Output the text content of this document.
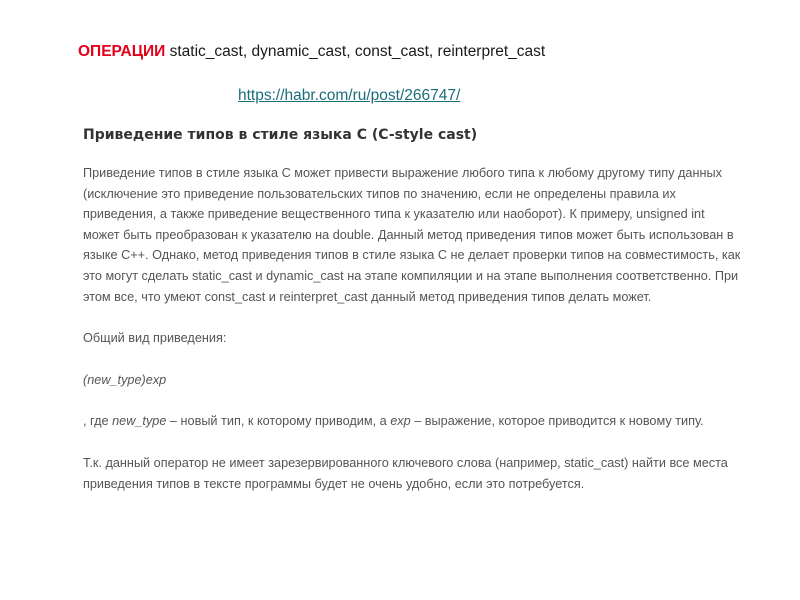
ОПЕРАЦИИ static_cast, dynamic_cast, const_cast, reinterpret_cast
https://habr.com/ru/post/266747/
Приведение типов в стиле языка C (C-style cast)

Приведение типов в стиле языка C может привести выражение любого типа к любому другому типу данных (исключение это приведение пользовательских типов по значению, если не определены правила их приведения, а также приведение вещественного типа к указателю или наоборот). К примеру, unsigned int может быть преобразован к указателю на double. Данный метод приведения типов может быть использован в языке C++. Однако, метод приведения типов в стиле языка C не делает проверки типов на совместимость, как это могут сделать static_cast и dynamic_cast на этапе компиляции и на этапе выполнения соответственно. При этом все, что умеют const_cast и reinterpret_cast данный метод приведения типов делать может.

Общий вид приведения:

(new_type)exp

, где new_type – новый тип, к которому приводим, а exp – выражение, которое приводится к новому типу.

Т.к. данный оператор не имеет зарезервированного ключевого слова (например, static_cast) найти все места приведения типов в тексте программы будет не очень удобно, если это потребуется.
